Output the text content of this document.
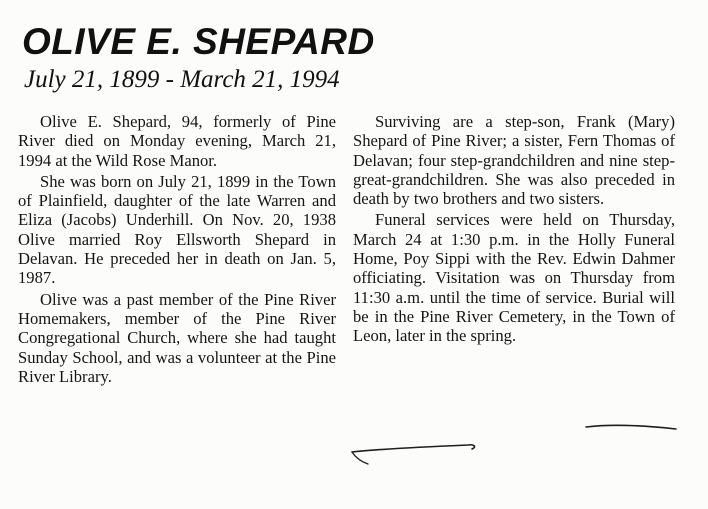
OLIVE E. SHEPARD
July 21, 1899 - March 21, 1994

Olive E. Shepard, 94, formerly of Pine River died on Monday evening, March 21, 1994 at the Wild Rose Manor.

She was born on July 21, 1899 in the Town of Plainfield, daughter of the late Warren and Eliza (Jacobs) Underhill. On Nov. 20, 1938 Olive married Roy Ellsworth Shepard in Delavan. He preceded her in death on Jan. 5, 1987.

Olive was a past member of the Pine River Homemakers, member of the Pine River Congregational Church, where she had taught Sunday School, and was a volunteer at the Pine River Library.

Surviving are a step-son, Frank (Mary) Shepard of Pine River; a sister, Fern Thomas of Delavan; four step-grandchildren and nine step-great-grandchildren. She was also preceded in death by two brothers and two sisters.

Funeral services were held on Thursday, March 24 at 1:30 p.m. in the Holly Funeral Home, Poy Sippi with the Rev. Edwin Dahmer officiating. Visitation was on Thursday from 11:30 a.m. until the time of service. Burial will be in the Pine River Cemetery, in the Town of Leon, later in the spring.
